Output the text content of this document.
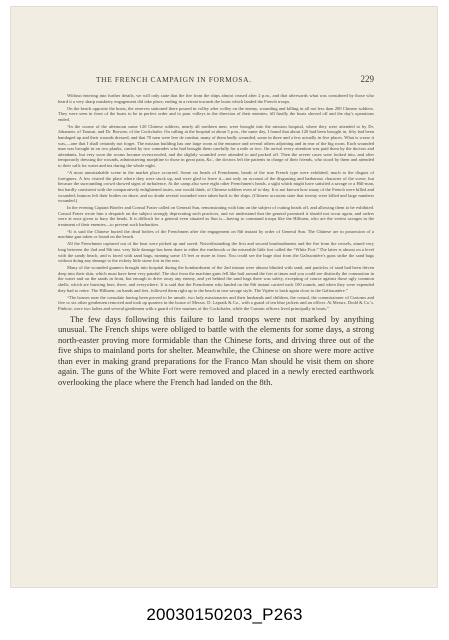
THE FRENCH CAMPAIGN IN FORMOSA.	229

Without entering into further details, we will only state that the fire from the ships almost ceased after 2 p.m., and that afterwards what was considered by those who heard it a very sharp musketry engagement did take place, ending in a retreat towards the boats which landed the French troops.

On the beach opposite the boats, the reserves stationed there poured in volley after volley on the enemy, wounding and killing in all not less than 200 Chinese soldiers. They were seen in front of the boats to be in perfect order and to pour volleys in the direction of their enemies, till finally the boats shoved off and the day's operations ended.

“In the course of the afternoon some 120 Chinese soldiers, nearly all northern men, were brought into the mission hospital, where they were attended to by Dr. Johansen, of Tamsui, and Dr. Browne, of the Cockchafer. On calling at the hospital at about 5 p.m., the same day, I found that about 120 had been brought in, fifty had been bandaged up and their wounds dressed, and that 70 men were lere de combat, many of them badly wounded, some in three and a few actually in five places. What is worse it was,—one that I shall certainly not forget. The mission building has one large room at the entrance and several others adjoining and in rear of the big room. Each wounded man was brought in on two planks, carried by two comrades who had brought them carefully for a mile or two. On arrival every attention was paid them by the doctors and attendants, but very soon the rooms became overcrowded, and the slightly wounded were attended to and packed off. Then the severe cases were looked into, and after temporarily dressing the wounds, administering morphine to those in great pain, &c., the doctors left the patients in charge of their friends, who stood by them and attended to their calls for water and tea during the whole night.

“A most unmistakable scene in the market place occurred. Some six heads of Frenchmen, heads of the true French type were exhibited, much to the disgust of foreigners. A few visited the place where they were stuck up, and were glad to leave it—not only on account of the disgusting and barbarous character of the scene, but because the surrounding crowd showed signs of turbulence. At the camp also were eight other Frenchmen's heads, a sight which might have satisfied a savage or a Hill-man, but hardly consistent with the comparatively enlightened tastes, one would think, of Chinese soldiers even of to-day. It is not known how many of the French were killed and wounded; humors left their bodies on shore, and no doubt several wounded were taken back to the ships. (Chinese accounts state that twenty were killed and large numbers wounded.)

In the evening Captain Boteler and Consul Frater called on General Sun, remonstrating with him on the subject of cutting heads off, and allowing them to be exhibited. Consul Frater wrote him a despatch on the subject strongly deprecating such practices, and we understand that the general promised it should not occur again, and orders were at once given to bury the heads. It is difficult for a general even situated as Sun is—having to command troops like the Hillmen, who are the veriest savages in the treatment of their enemies—to prevent such barbarities.

“It is said the Chinese buried the dead bodies of the Frenchmen after the engagement on 8th instant by order of General Sun. The Chinese are in possession of a machine gun taken or found on the beach.

All the Frenchmen captured out of the boat were picked up and saved. Notwithstanding the first and second bombardments and the fire from the vessels, aimed very long between the 2nd and 8th inst. very little damage has been done to either the earthwork or the miserable little fort called the “White Fort.” The latter is almost on a level with the sandy beach, and is faced with sand bags, running some 15 feet or more in front. You could see the huge shot from the Galissonière's guns strike the sand bags without doing any damage to the rickety little stone fort in the rear.

Many of the wounded gunners brought into hospital during the bombardment of the 2nd instant were almost blinded with sand, and particles of sand had been driven deep into their skin, which must have been very painful. The shot from the machine guns fell like hail around the fort at times and you could see distinctly the commotion in the water and on the sands in front, but enough to drive away any enemy, and yet behind the sand bags there was safety, excepting of course against those ugly common shells, which are bursting here, there, and everywhere. It is said that the Frenchmen who landed on the 8th instant carried each 100 rounds, and when they were expended they had to retire. The Hillmen, on hands and feet, followed them right up to the beach in true savage style. The Vipère is back again close to the Galissonière.”

“The houses near the consulate having been proved to be unsafe, two lady missionaries and their husbands and children, the consul, the commissioner of Customs and five or six other gentlemen removed and took up quarters in the house of Messrs. D. Lapraik & Co., with a guard of ten blue jackets and an officer. At Messrs. Dodd & Co.'s, Pinhow, were two ladies and several gentlemen with a guard of five marines of the Cockchafer, while the Custom officers lived principally in boats.”

The few days following this failure to land troops were not marked by anything unusual. The French ships were obliged to battle with the elements for some days, a strong north-easter proving more formidable than the Chinese forts, and driving three out of the five ships to mainland ports for shelter. Meanwhile, the Chinese on shore were more active than ever in making grand preparations for the Franco Man should he visit them on shore again. The guns of the White Fort were removed and placed in a newly erected earthwork overlooking the place where the French had landed on the 8th.

20030150203_P263
